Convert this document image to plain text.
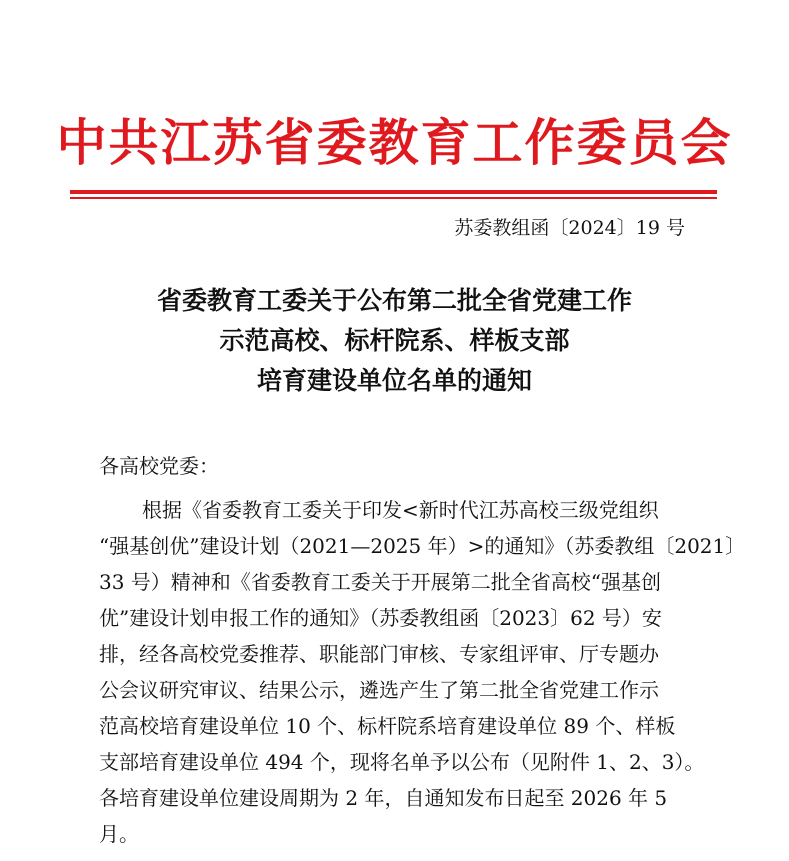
中共江苏省委教育工作委员会
苏委教组函〔2024〕19 号
省委教育工委关于公布第二批全省党建工作
示范高校、标杆院系、样板支部
培育建设单位名单的通知
各高校党委：
根据《省委教育工委关于印发<新时代江苏高校三级党组织
“强基创优”建设计划（2021—2025 年）>的通知》（苏委教组〔2021〕
33 号）精神和《省委教育工委关于开展第二批全省高校“强基创
优”建设计划申报工作的通知》（苏委教组函〔2023〕62 号）安
排，经各高校党委推荐、职能部门审核、专家组评审、厅专题办
公会议研究审议、结果公示，遴选产生了第二批全省党建工作示
范高校培育建设单位 10 个、标杆院系培育建设单位 89 个、样板
支部培育建设单位 494 个，现将名单予以公布（见附件 1、2、3）。
各培育建设单位建设周期为 2 年，自通知发布日起至 2026 年 5
月。
